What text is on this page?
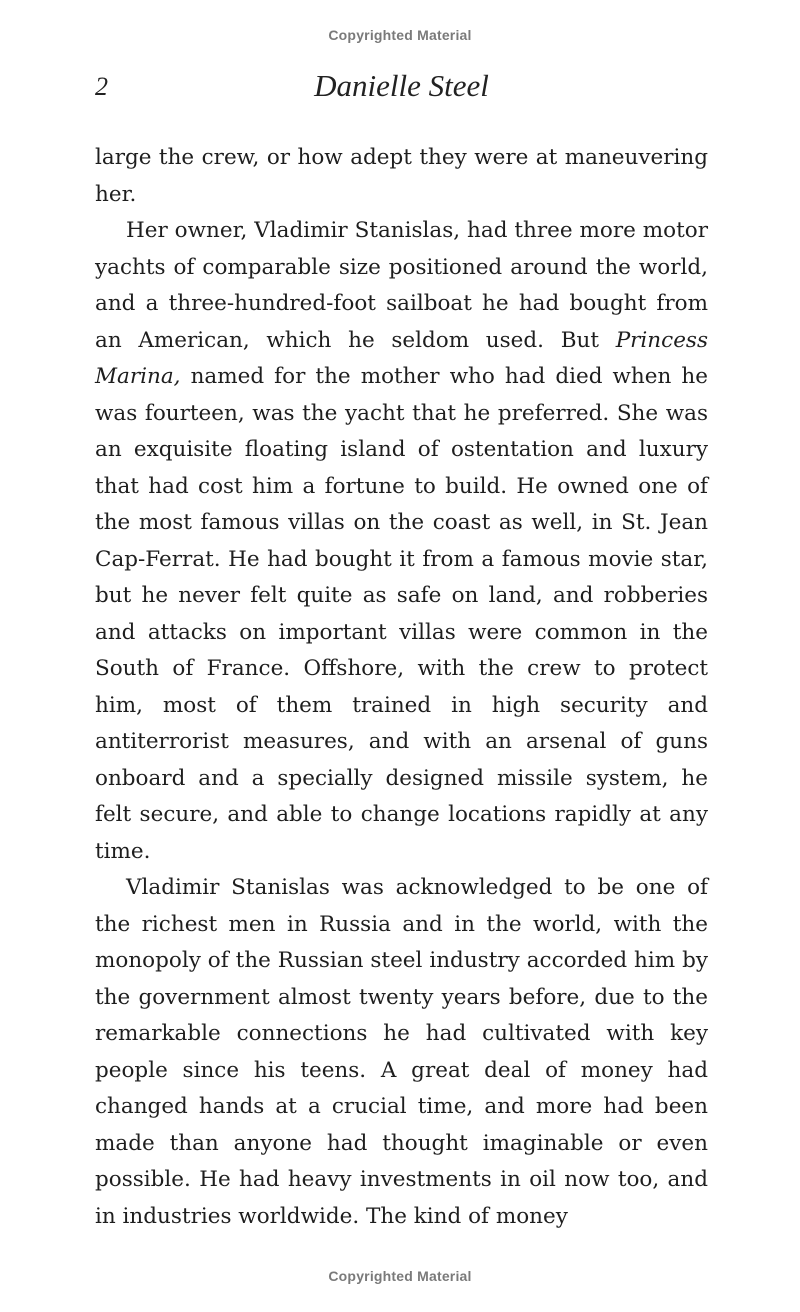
Copyrighted Material
2	Danielle Steel

large the crew, or how adept they were at maneuvering her.

Her owner, Vladimir Stanislas, had three more motor yachts of comparable size positioned around the world, and a three-hundred-foot sailboat he had bought from an American, which he seldom used. But Princess Marina, named for the mother who had died when he was fourteen, was the yacht that he preferred. She was an exquisite floating island of ostentation and luxury that had cost him a fortune to build. He owned one of the most famous villas on the coast as well, in St. Jean Cap-Ferrat. He had bought it from a famous movie star, but he never felt quite as safe on land, and robberies and attacks on important villas were common in the South of France. Offshore, with the crew to protect him, most of them trained in high security and antiterrorist measures, and with an arsenal of guns onboard and a specially designed missile system, he felt secure, and able to change locations rapidly at any time.

Vladimir Stanislas was acknowledged to be one of the richest men in Russia and in the world, with the monopoly of the Russian steel industry accorded him by the government almost twenty years before, due to the remarkable connections he had cultivated with key people since his teens. A great deal of money had changed hands at a crucial time, and more had been made than anyone had thought imaginable or even possible. He had heavy investments in oil now too, and in industries worldwide. The kind of money

Copyrighted Material
